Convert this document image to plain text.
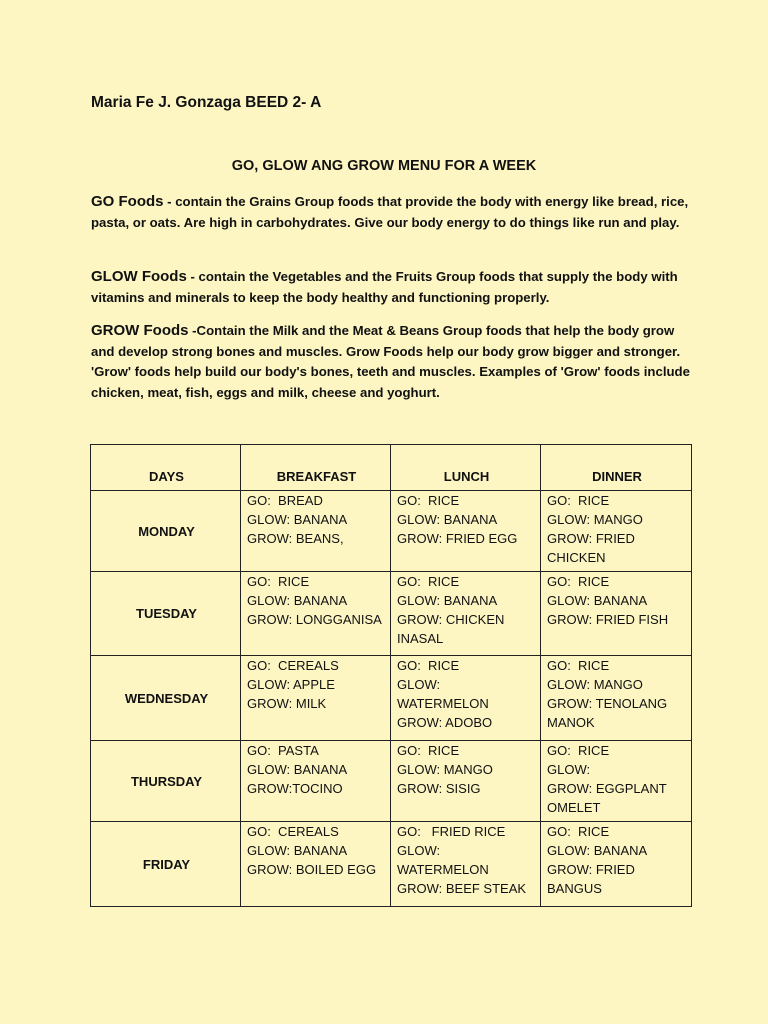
Maria Fe J. Gonzaga BEED 2- A
GO, GLOW ANG GROW MENU FOR A WEEK
GO Foods - contain the Grains Group foods that provide the body with energy like bread, rice, pasta, or oats. Are high in carbohydrates. Give our body energy to do things like run and play.
GLOW Foods - contain the Vegetables and the Fruits Group foods that supply the body with vitamins and minerals to keep the body healthy and functioning properly.
GROW Foods -Contain the Milk and the Meat & Beans Group foods that help the body grow and develop strong bones and muscles. Grow Foods help our body grow bigger and stronger. 'Grow' foods help build our body's bones, teeth and muscles. Examples of 'Grow' foods include chicken, meat, fish, eggs and milk, cheese and yoghurt.
DAYS	BREAKFAST	LUNCH	DINNER
MONDAY	GO:  BREAD
GLOW: BANANA
GROW: BEANS,	GO:  RICE
GLOW: BANANA
GROW: FRIED EGG	GO:  RICE
GLOW: MANGO
GROW: FRIED
CHICKEN

TUESDAY	GO:  RICE
GLOW: BANANA
GROW: LONGGANISA	GO:  RICE
GLOW: BANANA
GROW: CHICKEN
INASAL	GO:  RICE
GLOW: BANANA
GROW: FRIED FISH

WEDNESDAY	GO:  CEREALS
GLOW: APPLE
GROW: MILK	GO:  RICE
GLOW:
WATERMELON
GROW: ADOBO	GO:  RICE
GLOW: MANGO
GROW: TENOLANG
MANOK

THURSDAY	GO:  PASTA
GLOW: BANANA
GROW:TOCINO	GO:  RICE
GLOW: MANGO
GROW: SISIG	GO:  RICE
GLOW:
GROW: EGGPLANT
OMELET

FRIDAY	GO:  CEREALS
GLOW: BANANA
GROW: BOILED EGG	GO:   FRIED RICE
GLOW:
WATERMELON
GROW: BEEF STEAK	GO:  RICE
GLOW: BANANA
GROW: FRIED
BANGUS
